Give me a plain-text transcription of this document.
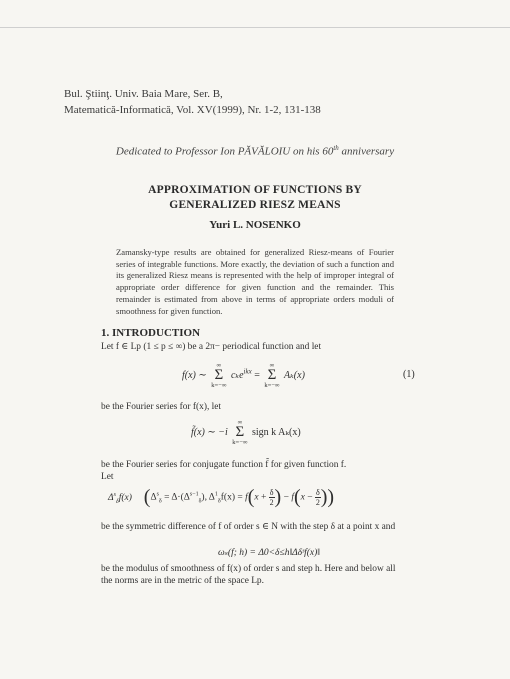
Bul. Ştiinţ. Univ. Baia Mare, Ser. B,
Matematică-Informatică, Vol. XV(1999), Nr. 1-2, 131-138
Dedicated to Professor Ion PĂVĂLOIU on his 60th anniversary
APPROXIMATION OF FUNCTIONS BY
GENERALIZED RIESZ MEANS
Yuri L. NOSENKO
Zamansky-type results are obtained for generalized Riesz-means of Fourier series of integrable functions. More exactly, the deviation of such a function and its generalized Riesz means is represented with the help of improper integral of appropriate order difference for given function and the remainder. This remainder is estimated from above in terms of appropriate orders moduli of smoothness for given function.
1. INTRODUCTION
Let f ∈ Lp (1 ≤ p ≤ ∞) be a 2π− periodical function and let
f(x) ∼ ∞
Σ
k=−∞ cₖe$^{ikx}$ = ∞
Σ
k=−∞ Aₖ(x)	(1)
be the Fourier series for f(x), let
f̃(x) ∼ −i ∞
Σ
k=−∞ sign k Aₖ(x)
be the Fourier series for conjugate function f̃ for given function f.
Let
$\Delta^s_\delta f(x) (\Delta^s_\delta = \Delta\cdot(\Delta^{s-1}_\delta)$, $\Delta^1_\delta f(x) = f(x + \frac{\delta}{2}$ ) − $f(x - \frac{\delta}{2}$ ))
be the symmetric difference of f of order s ∈ N with the step δ at a point x and
ωₛ(f; h) = Δ0<δ≤h‖Δδˢf(x)‖
be the modulus of smoothness of f(x) of order s and step h. Here and below all the norms are in the metric of the space Lp.
